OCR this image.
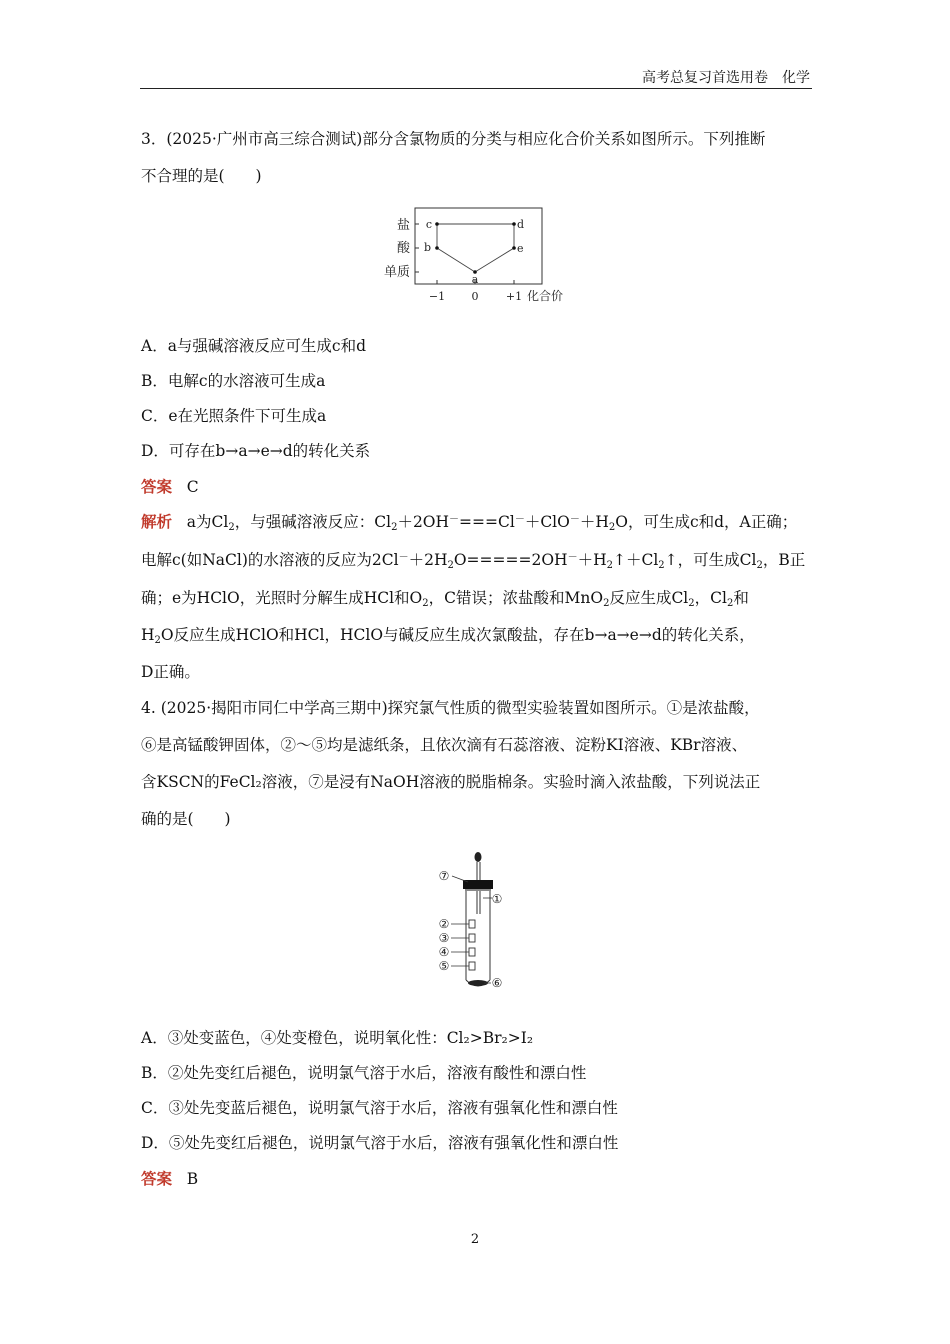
高考总复习首选用卷　化学
3．(2025·广州市高三综合测试)部分含氯物质的分类与相应化合价关系如图所示。下列推断
不合理的是(　　)
盐
酸
单质
−1 0 +1 化合价
a
b
c	d
e
A．a与强碱溶液反应可生成c和d
B．电解c的水溶液可生成a
C．e在光照条件下可生成a
D．可存在b→a→e→d的转化关系
答案 C
解析   a为$Cl_2$，与强碱溶液反应：$Cl_2+2OH^-===Cl^-+ClO^-+H_2O$，可生成c和d，A正确；
电解c(如NaCl)的水溶液的反应为$2Cl^-+2H_2O=====2OH^-+H_2↑+Cl_2↑$，可生成$Cl_2$，B正
确；e为HClO，光照时分解生成HCl和$O_2$，C错误；浓盐酸和MnO$_2$反应生成$Cl_2$，$Cl_2$和
$H_2O$反应生成HClO和HCl，HClO与碱反应生成次氯酸盐，存在b→a→e→d的转化关系，
D正确。
4. (2025·揭阳市同仁中学高三期中)探究氯气性质的微型实验装置如图所示。①是浓盐酸，
⑥是高锰酸钾固体，②～⑤均是滤纸条，且依次滴有石蕊溶液、淀粉KI溶液、KBr溶液、
含KSCN的FeCl₂溶液，⑦是浸有NaOH溶液的脱脂棉条。实验时滴入浓盐酸，下列说法正
确的是(　　)
⑦
①
②
③
④
⑤
⑥
A．③处变蓝色，④处变橙色，说明氧化性：Cl₂>Br₂>I₂
B．②处先变红后褪色，说明氯气溶于水后，溶液有酸性和漂白性
C．③处先变蓝后褪色，说明氯气溶于水后，溶液有强氧化性和漂白性
D．⑤处先变红后褪色，说明氯气溶于水后，溶液有强氧化性和漂白性
答案 B
2
